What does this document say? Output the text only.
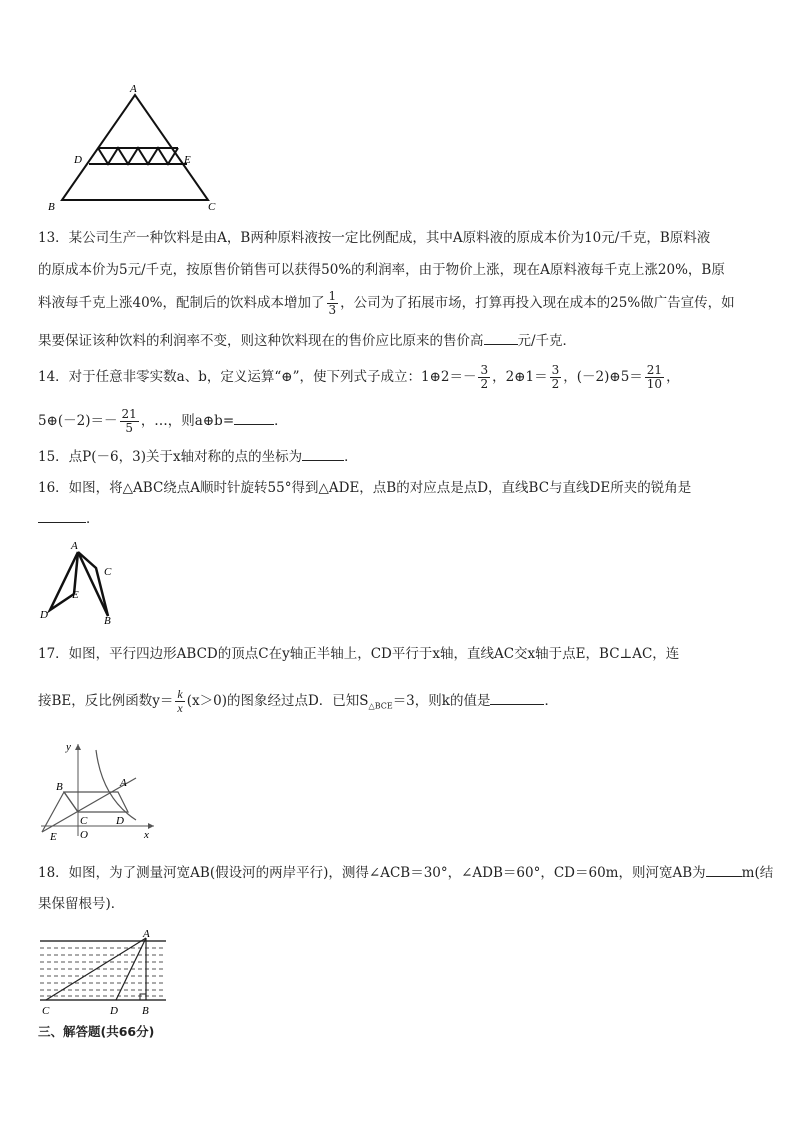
A
D	E
B	C
13．某公司生产一种饮料是由A，B两种原料液按一定比例配成，其中A原料液的原成本价为10元/千克，B原料液
的原成本价为5元/千克，按原售价销售可以获得50%的利润率，由于物价上涨，现在A原料液每千克上涨20%，B原
料液每千克上涨40%，配制后的饮料成本增加了 $\frac{1}{3}$ ，公司为了拓展市场，打算再投入现在成本的25%做广告宣传，如
果要保证该种饮料的利润率不变，则这种饮料现在的售价应比原来的售价高	元/千克．
14．对于任意非零实数a、b，定义运算“⊕”，使下列式子成立：1⊕2＝－ $\frac{3}{2}$ ，2⊕1＝ $\frac{3}{2}$ ，(－2)⊕5＝ $\frac{21}{10}$ ，
5⊕(－2)＝－ $\frac{21}{5}$ ，…，则a⊕b=	．
15．点P(－6，3)关于x轴对称的点的坐标为	．
16．如图，将△ABC绕点A顺时针旋转55°得到△ADE，点B的对应点是点D，直线BC与直线DE所夹的锐角是
．
A
C
E
D	B
17．如图，平行四边形ABCD的顶点C在y轴正半轴上，CD平行于x轴，直线AC交x轴于点E，BC⊥AC，连
接BE，反比例函数$y= \frac{k}{x} (x>0)$的图象经过点D．已知$S_{\triangle BCE}=3$，则k的值是	．
y
B	A
C	D
E O	x
18．如图，为了测量河宽AB(假设河的两岸平行)，测得∠ACB＝30°，∠ADB＝60°，CD＝60m，则河宽AB为	m(结
果保留根号)．
A
C	D B
三、解答题(共66分)
